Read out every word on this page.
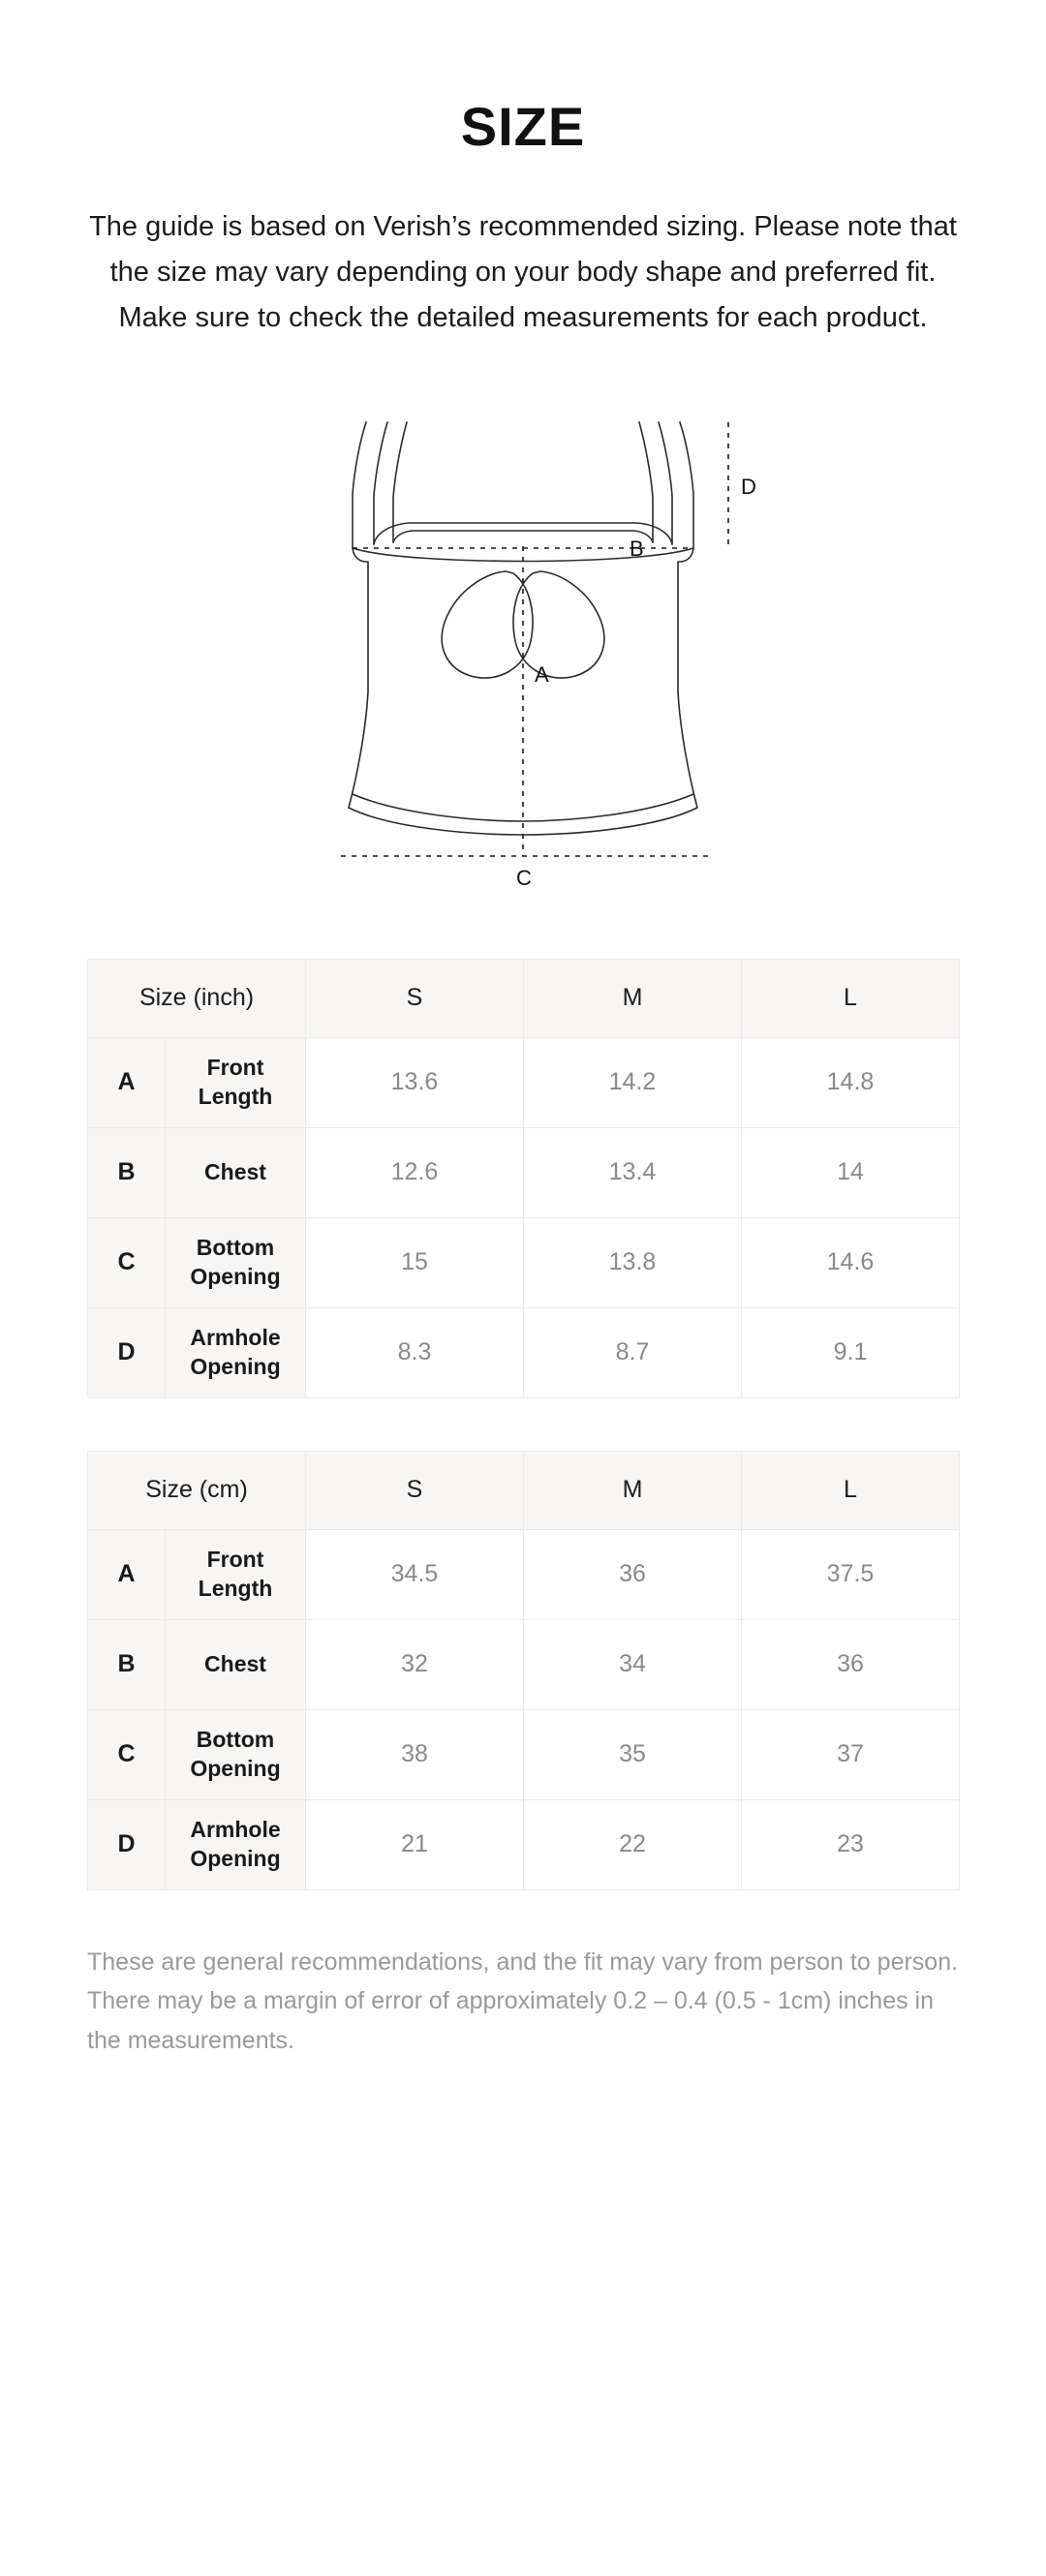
SIZE

The guide is based on Verish’s recommended sizing. Please note that the size may vary depending on your body shape and preferred fit. Make sure to check the detailed measurements for each product.

A
B
C
D
Size (inch)		S	M	L
A	Front Length	13.6	14.2	14.8
B	Chest	12.6	13.4	14
C	Bottom Opening	15	13.8	14.6
D	Armhole Opening	8.3	8.7	9.1
Size (cm)		S	M	L
A	Front Length	34.5	36	37.5
B	Chest	32	34	36
C	Bottom Opening	38	35	37
D	Armhole Opening	21	22	23

These are general recommendations, and the fit may vary from person to person. There may be a margin of error of approximately 0.2 – 0.4 (0.5 - 1cm) inches in the measurements.
